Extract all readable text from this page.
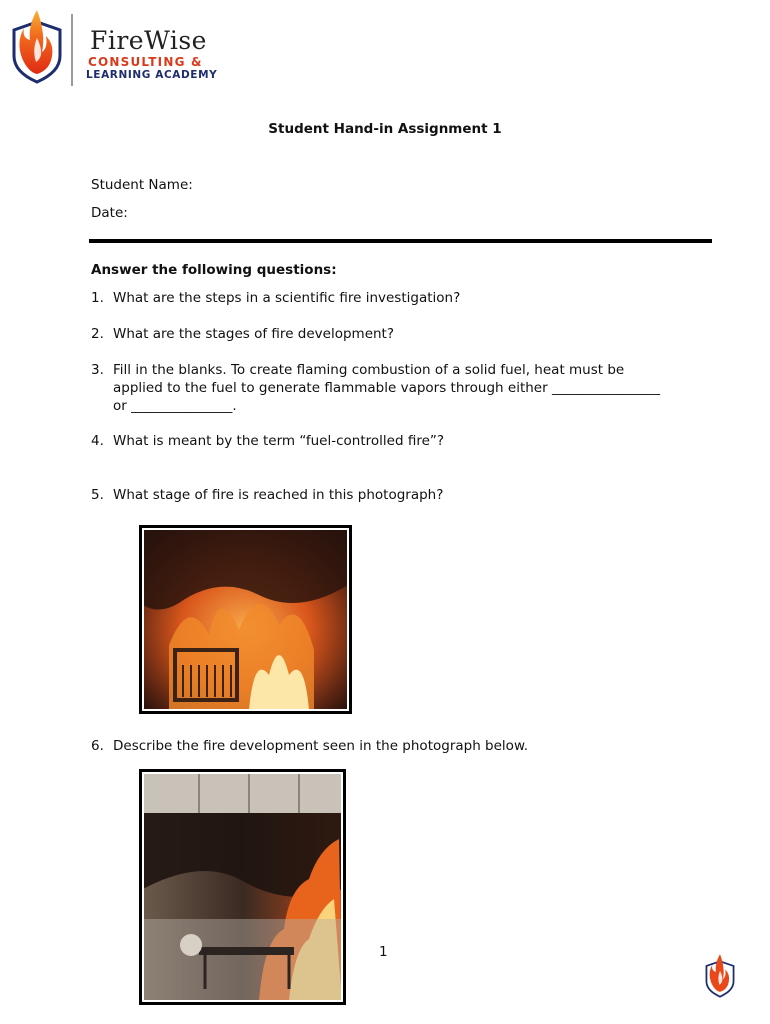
FireWise
CONSULTING &
LEARNING ACADEMY
Student Hand-in Assignment 1
Student Name:
Date:
Answer the following questions:
1. What are the steps in a scientific fire investigation?
2. What are the stages of fire development?
3. Fill in the blanks. To create flaming combustion of a solid fuel, heat must be applied to the fuel to generate flammable vapors through either ________________ or _______________.
4. What is meant by the term “fuel-controlled fire”?
5. What stage of fire is reached in this photograph?
6. Describe the fire development seen in the photograph below.
1
